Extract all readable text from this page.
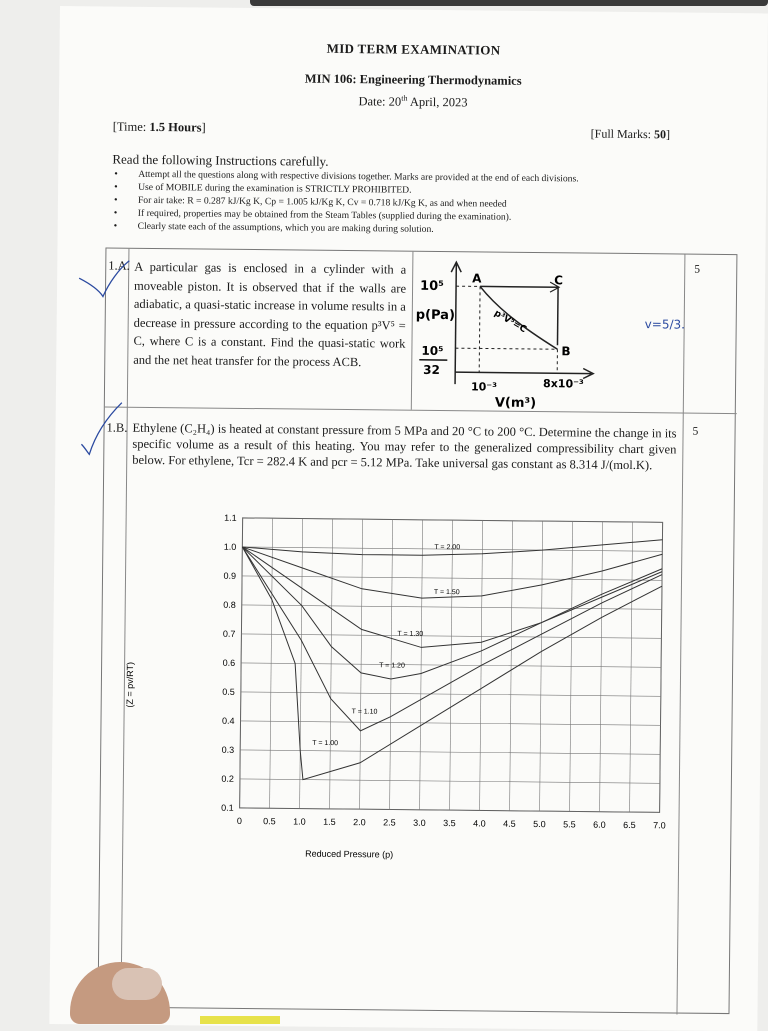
MID TERM EXAMINATION
MIN 106: Engineering Thermodynamics
Date: 20th April, 2023
[Time: 1.5 Hours]	[Full Marks: 50]
Read the following Instructions carefully.
• Attempt all the questions along with respective divisions together. Marks are provided at the end of each divisions.
• Use of MOBILE during the examination is STRICTLY PROHIBITED.
• For air take: R = 0.287 kJ/Kg K, Cp = 1.005 kJ/Kg K, Cv = 0.718 kJ/Kg K, as and when needed
• If required, properties may be obtained from the Steam Tables (supplied during the examination).
• Clearly state each of the assumptions, which you are making during solution.
1.A. A particular gas is enclosed in a cylinder with a moveable piston. It is observed that if the walls are adiabatic, a quasi-static increase in volume results in a decrease in pressure according to the equation p³V⁵ = C, where C is a constant. Find the quasi-static work and the net heat transfer for the process ACB.
5
10⁵
p(Pa)
10⁵
32
A	C
B
p³V⁵=C
10⁻³	8x10⁻³
V(m³)
1.B. Ethylene (C₂H₄) is heated at constant pressure from 5 MPa and 20 °C to 200 °C. Determine the change in its specific volume as a result of this heating. You may refer to the generalized compressibility chart given below. For ethylene, Tcr = 282.4 K and pcr = 5.12 MPa. Take universal gas constant as 8.314 J/(mol.K).
5
0 0.5 1.0 1.5 2.0 2.5 3.0 3.5 4.0 4.5 5.0 5.5 6.0 6.5 7.0
0.1
0.2
0.3
0.4
0.5
0.6
0.7
0.8
0.9
1.0
1.1
T = 2.00
T = 1.50
T = 1.30
T = 1.20
T = 1.10
T = 1.00
Reduced Pressure (p)
(Z = pv/RT)
v=5/3.
